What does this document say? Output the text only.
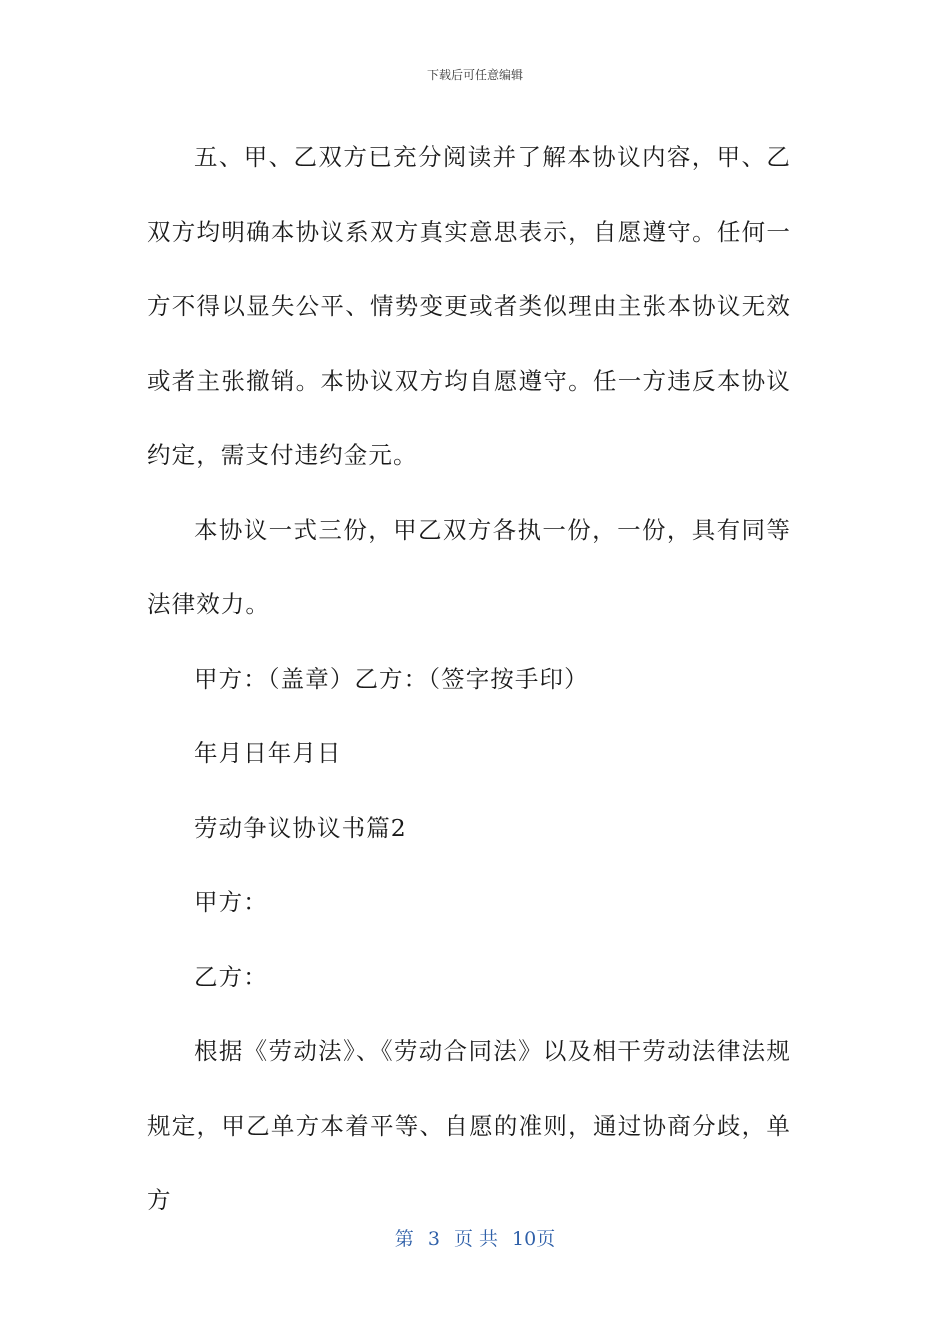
下载后可任意编辑

五、甲、乙双方已充分阅读并了解本协议内容，甲、乙双方均明确本协议系双方真实意思表示，自愿遵守。任何一方不得以显失公平、情势变更或者类似理由主张本协议无效或者主张撤销。本协议双方均自愿遵守。任一方违反本协议约定，需支付违约金元。

本协议一式三份，甲乙双方各执一份，一份，具有同等法律效力。

甲方：（盖章）乙方：（签字按手印）

年月日年月日

劳动争议协议书篇2

甲方：

乙方：

根据《劳动法》、《劳动合同法》以及相干劳动法律法规规定，甲乙单方本着平等、自愿的准则，通过协商分歧，单方

第 3 页 共 10页
